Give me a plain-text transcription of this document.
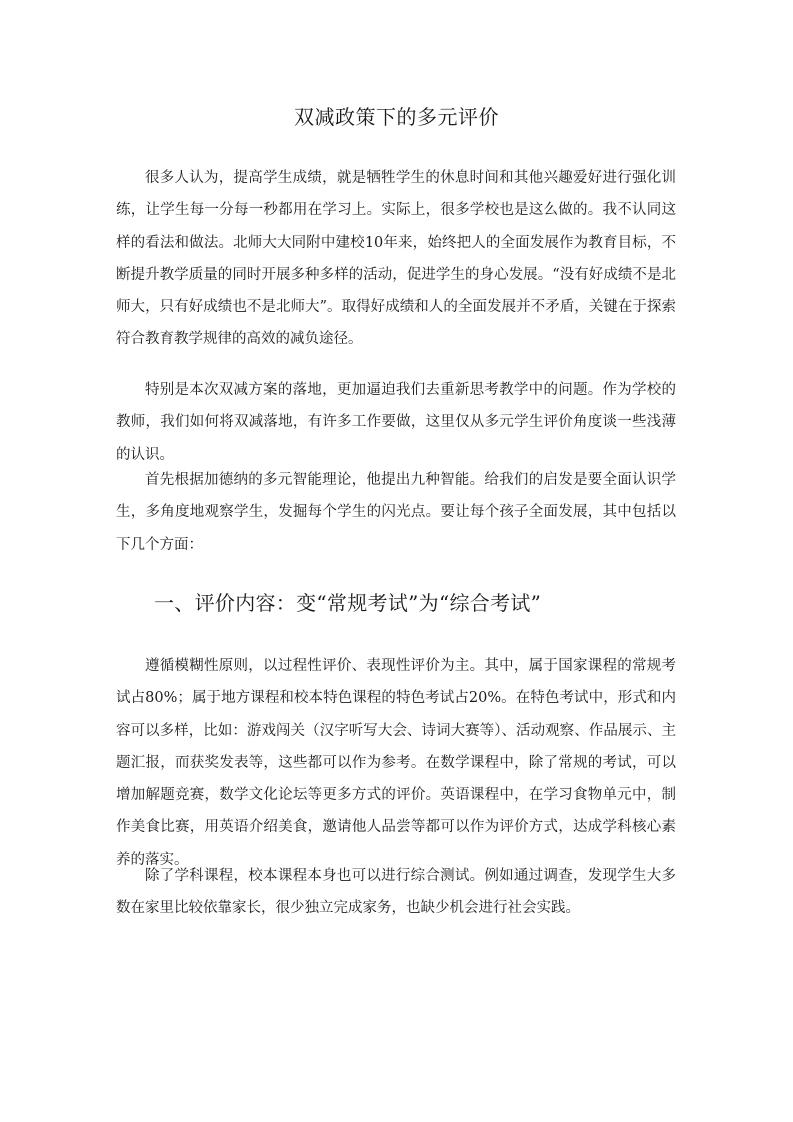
双减政策下的多元评价

很多人认为，提高学生成绩，就是牺牲学生的休息时间和其他兴趣爱好进行强化训练，让学生每一分每一秒都用在学习上。实际上，很多学校也是这么做的。我不认同这样的看法和做法。北师大大同附中建校10年来，始终把人的全面发展作为教育目标，不断提升教学质量的同时开展多种多样的活动，促进学生的身心发展。“没有好成绩不是北师大，只有好成绩也不是北师大”。取得好成绩和人的全面发展并不矛盾，关键在于探索符合教育教学规律的高效的减负途径。

特别是本次双减方案的落地，更加逼迫我们去重新思考教学中的问题。作为学校的教师，我们如何将双减落地，有许多工作要做，这里仅从多元学生评价角度谈一些浅薄的认识。

首先根据加德纳的多元智能理论，他提出九种智能。给我们的启发是要全面认识学生，多角度地观察学生，发掘每个学生的闪光点。要让每个孩子全面发展，其中包括以下几个方面：

一、评价内容：变“常规考试”为“综合考试”

遵循模糊性原则，以过程性评价、表现性评价为主。其中，属于国家课程的常规考试占80%；属于地方课程和校本特色课程的特色考试占20%。在特色考试中，形式和内容可以多样，比如：游戏闯关（汉字听写大会、诗词大赛等）、活动观察、作品展示、主题汇报，而获奖发表等，这些都可以作为参考。在数学课程中，除了常规的考试，可以增加解题竞赛，数学文化论坛等更多方式的评价。英语课程中，在学习食物单元中，制作美食比赛，用英语介绍美食，邀请他人品尝等都可以作为评价方式，达成学科核心素养的落实。

除了学科课程，校本课程本身也可以进行综合测试。例如通过调查，发现学生大多数在家里比较依靠家长，很少独立完成家务，也缺少机会进行社会实践。
